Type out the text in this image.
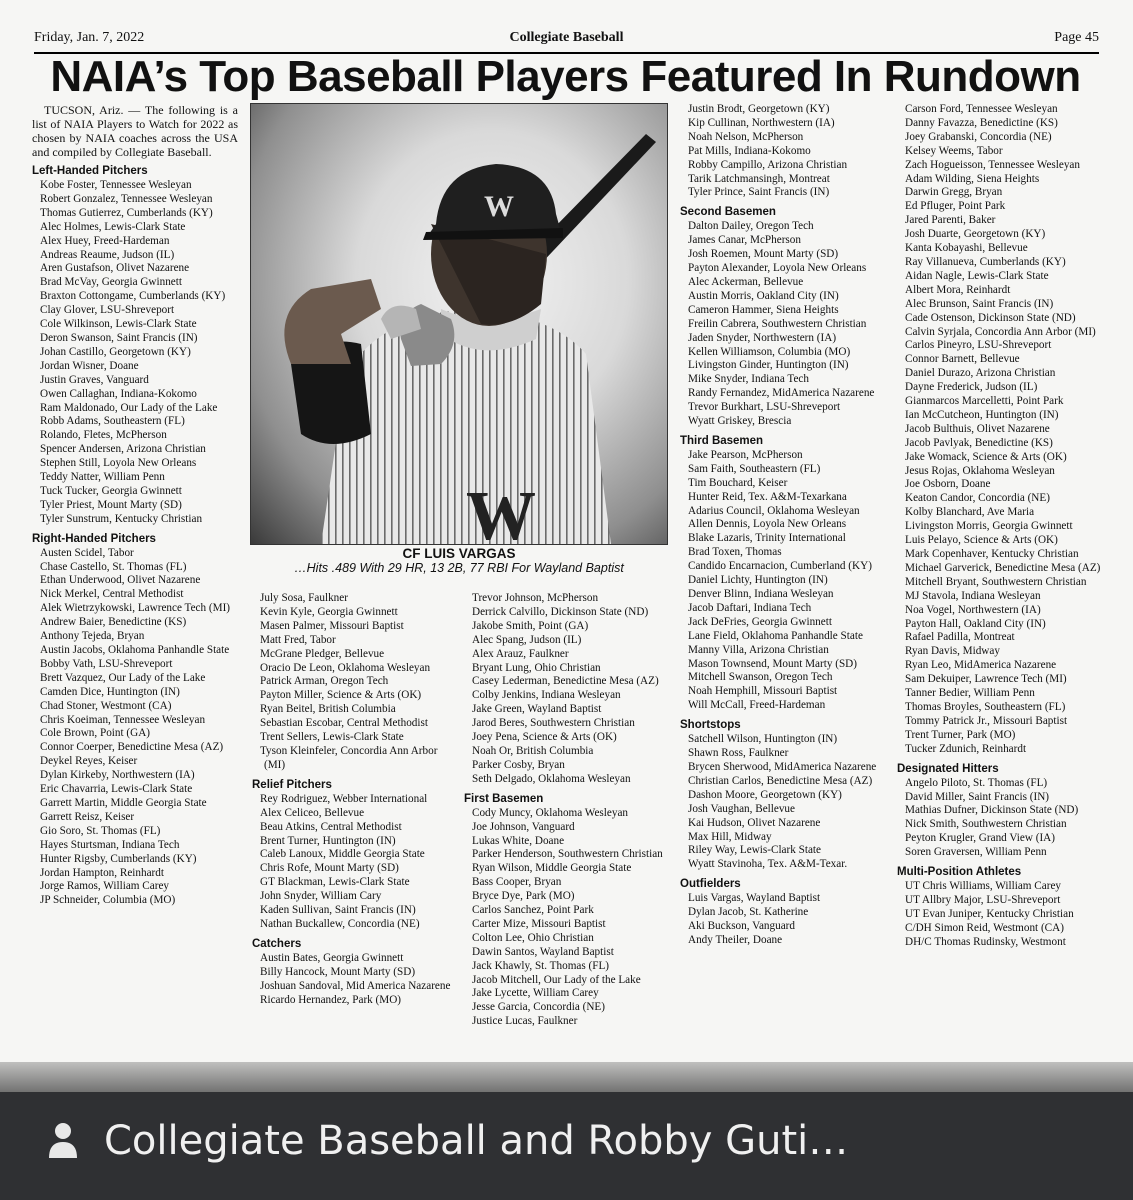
Friday, Jan. 7, 2022	Collegiate Baseball	Page 45
NAIA’s Top Baseball Players Featured In Rundown
TUCSON, Ariz. — The following is a list of NAIA Players to Watch for 2022 as chosen by NAIA coaches across the USA and compiled by Collegiate Baseball.
Left-Handed Pitchers
Kobe Foster, Tennessee Wesleyan
Robert Gonzalez, Tennessee Wesleyan
Thomas Gutierrez, Cumberlands (KY)
Alec Holmes, Lewis-Clark State
Alex Huey, Freed-Hardeman
Andreas Reaume, Judson (IL)
Aren Gustafson, Olivet Nazarene
Brad McVay, Georgia Gwinnett
Braxton Cottongame, Cumberlands (KY)
Clay Glover, LSU-Shreveport
Cole Wilkinson, Lewis-Clark State
Deron Swanson, Saint Francis (IN)
Johan Castillo, Georgetown (KY)
Jordan Wisner, Doane
Justin Graves, Vanguard
Owen Callaghan, Indiana-Kokomo
Ram Maldonado, Our Lady of the Lake
Robb Adams, Southeastern (FL)
Rolando, Fletes, McPherson
Spencer Andersen, Arizona Christian
Stephen Still, Loyola New Orleans
Teddy Natter, William Penn
Tuck Tucker, Georgia Gwinnett
Tyler Priest, Mount Marty (SD)
Tyler Sunstrum, Kentucky Christian
Right-Handed Pitchers
Austen Scidel, Tabor
Chase Castello, St. Thomas (FL)
Ethan Underwood, Olivet Nazarene
Nick Merkel, Central Methodist
Alek Wietrzykowski, Lawrence Tech (MI)
Andrew Baier, Benedictine (KS)
Anthony Tejeda, Bryan
Austin Jacobs, Oklahoma Panhandle State
Bobby Vath, LSU-Shreveport
Brett Vazquez, Our Lady of the Lake
Camden Dice, Huntington (IN)
Chad Stoner, Westmont (CA)
Chris Koeiman, Tennessee Wesleyan
Cole Brown, Point (GA)
Connor Coerper, Benedictine Mesa (AZ)
Deykel Reyes, Keiser
Dylan Kirkeby, Northwestern (IA)
Eric Chavarria, Lewis-Clark State
Garrett Martin, Middle Georgia State
Garrett Reisz, Keiser
Gio Soro, St. Thomas (FL)
Hayes Sturtsman, Indiana Tech
Hunter Rigsby, Cumberlands (KY)
Jordan Hampton, Reinhardt
Jorge Ramos, William Carey
JP Schneider, Columbia (MO)
W
W
CF LUIS VARGAS
…Hits .489 With 29 HR, 13 2B, 77 RBI For Wayland Baptist
July Sosa, Faulkner
Kevin Kyle, Georgia Gwinnett
Masen Palmer, Missouri Baptist
Matt Fred, Tabor
McGrane Pledger, Bellevue
Oracio De Leon, Oklahoma Wesleyan
Patrick Arman, Oregon Tech
Payton Miller, Science & Arts (OK)
Ryan Beitel, British Columbia
Sebastian Escobar, Central Methodist
Trent Sellers, Lewis-Clark State
Tyson Kleinfeler, Concordia Ann Arbor (MI)
Relief Pitchers
Rey Rodriguez, Webber International
Alex Celiceo, Bellevue
Beau Atkins, Central Methodist
Brent Turner, Huntington (IN)
Caleb Lanoux, Middle Georgia State
Chris Rofe, Mount Marty (SD)
GT Blackman, Lewis-Clark State
John Snyder, William Cary
Kaden Sullivan, Saint Francis (IN)
Nathan Buckallew, Concordia (NE)
Catchers
Austin Bates, Georgia Gwinnett
Billy Hancock, Mount Marty (SD)
Joshuan Sandoval, Mid America Nazarene
Ricardo Hernandez, Park (MO)
Trevor Johnson, McPherson
Derrick Calvillo, Dickinson State (ND)
Jakobe Smith, Point (GA)
Alec Spang, Judson (IL)
Alex Arauz, Faulkner
Bryant Lung, Ohio Christian
Casey Lederman, Benedictine Mesa (AZ)
Colby Jenkins, Indiana Wesleyan
Jake Green, Wayland Baptist
Jarod Beres, Southwestern Christian
Joey Pena, Science & Arts (OK)
Noah Or, British Columbia
Parker Cosby, Bryan
Seth Delgado, Oklahoma Wesleyan
First Basemen
Cody Muncy, Oklahoma Wesleyan
Joe Johnson, Vanguard
Lukas White, Doane
Parker Henderson, Southwestern Christian
Ryan Wilson, Middle Georgia State
Bass Cooper, Bryan
Bryce Dye, Park (MO)
Carlos Sanchez, Point Park
Carter Mize, Missouri Baptist
Colton Lee, Ohio Christian
Dawin Santos, Wayland Baptist
Jack Khawly, St. Thomas (FL)
Jacob Mitchell, Our Lady of the Lake
Jake Lycette, William Carey
Jesse Garcia, Concordia (NE)
Justice Lucas, Faulkner
Justin Brodt, Georgetown (KY)
Kip Cullinan, Northwestern (IA)
Noah Nelson, McPherson
Pat Mills, Indiana-Kokomo
Robby Campillo, Arizona Christian
Tarik Latchmansingh, Montreat
Tyler Prince, Saint Francis (IN)
Second Basemen
Dalton Dailey, Oregon Tech
James Canar, McPherson
Josh Roemen, Mount Marty (SD)
Payton Alexander, Loyola New Orleans
Alec Ackerman, Bellevue
Austin Morris, Oakland City (IN)
Cameron Hammer, Siena Heights
Freilin Cabrera, Southwestern Christian
Jaden Snyder, Northwestern (IA)
Kellen Williamson, Columbia (MO)
Livingston Ginder, Huntington (IN)
Mike Snyder, Indiana Tech
Randy Fernandez, MidAmerica Nazarene
Trevor Burkhart, LSU-Shreveport
Wyatt Griskey, Brescia
Third Basemen
Jake Pearson, McPherson
Sam Faith, Southeastern (FL)
Tim Bouchard, Keiser
Hunter Reid, Tex. A&M-Texarkana
Adarius Council, Oklahoma Wesleyan
Allen Dennis, Loyola New Orleans
Blake Lazaris, Trinity International
Brad Toxen, Thomas
Candido Encarnacion, Cumberland (KY)
Daniel Lichty, Huntington (IN)
Denver Blinn, Indiana Wesleyan
Jacob Daftari, Indiana Tech
Jack DeFries, Georgia Gwinnett
Lane Field, Oklahoma Panhandle State
Manny Villa, Arizona Christian
Mason Townsend, Mount Marty (SD)
Mitchell Swanson, Oregon Tech
Noah Hemphill, Missouri Baptist
Will McCall, Freed-Hardeman
Shortstops
Satchell Wilson, Huntington (IN)
Shawn Ross, Faulkner
Brycen Sherwood, MidAmerica Nazarene
Christian Carlos, Benedictine Mesa (AZ)
Dashon Moore, Georgetown (KY)
Josh Vaughan, Bellevue
Kai Hudson, Olivet Nazarene
Max Hill, Midway
Riley Way, Lewis-Clark State
Wyatt Stavinoha, Tex. A&M-Texar.
Outfielders
Luis Vargas, Wayland Baptist
Dylan Jacob, St. Katherine
Aki Buckson, Vanguard
Andy Theiler, Doane
Carson Ford, Tennessee Wesleyan
Danny Favazza, Benedictine (KS)
Joey Grabanski, Concordia (NE)
Kelsey Weems, Tabor
Zach Hogueisson, Tennessee Wesleyan
Adam Wilding, Siena Heights
Darwin Gregg, Bryan
Ed Pfluger, Point Park
Jared Parenti, Baker
Josh Duarte, Georgetown (KY)
Kanta Kobayashi, Bellevue
Ray Villanueva, Cumberlands (KY)
Aidan Nagle, Lewis-Clark State
Albert Mora, Reinhardt
Alec Brunson, Saint Francis (IN)
Cade Ostenson, Dickinson State (ND)
Calvin Syrjala, Concordia Ann Arbor (MI)
Carlos Pineyro, LSU-Shreveport
Connor Barnett, Bellevue
Daniel Durazo, Arizona Christian
Dayne Frederick, Judson (IL)
Gianmarcos Marcelletti, Point Park
Ian McCutcheon, Huntington (IN)
Jacob Bulthuis, Olivet Nazarene
Jacob Pavlyak, Benedictine (KS)
Jake Womack, Science & Arts (OK)
Jesus Rojas, Oklahoma Wesleyan
Joe Osborn, Doane
Keaton Candor, Concordia (NE)
Kolby Blanchard, Ave Maria
Livingston Morris, Georgia Gwinnett
Luis Pelayo, Science & Arts (OK)
Mark Copenhaver, Kentucky Christian
Michael Garverick, Benedictine Mesa (AZ)
Mitchell Bryant, Southwestern Christian
MJ Stavola, Indiana Wesleyan
Noa Vogel, Northwestern (IA)
Payton Hall, Oakland City (IN)
Rafael Padilla, Montreat
Ryan Davis, Midway
Ryan Leo, MidAmerica Nazarene
Sam Dekuiper, Lawrence Tech (MI)
Tanner Bedier, William Penn
Thomas Broyles, Southeastern (FL)
Tommy Patrick Jr., Missouri Baptist
Trent Turner, Park (MO)
Tucker Zdunich, Reinhardt
Designated Hitters
Angelo Piloto, St. Thomas (FL)
David Miller, Saint Francis (IN)
Mathias Dufner, Dickinson State (ND)
Nick Smith, Southwestern Christian
Peyton Krugler, Grand View (IA)
Soren Graversen, William Penn
Multi-Position Athletes
UT Chris Williams, William Carey
UT Allbry Major, LSU-Shreveport
UT Evan Juniper, Kentucky Christian
C/DH Simon Reid, Westmont (CA)
DH/C Thomas Rudinsky, Westmont
Collegiate Baseball and Robby Guti…
